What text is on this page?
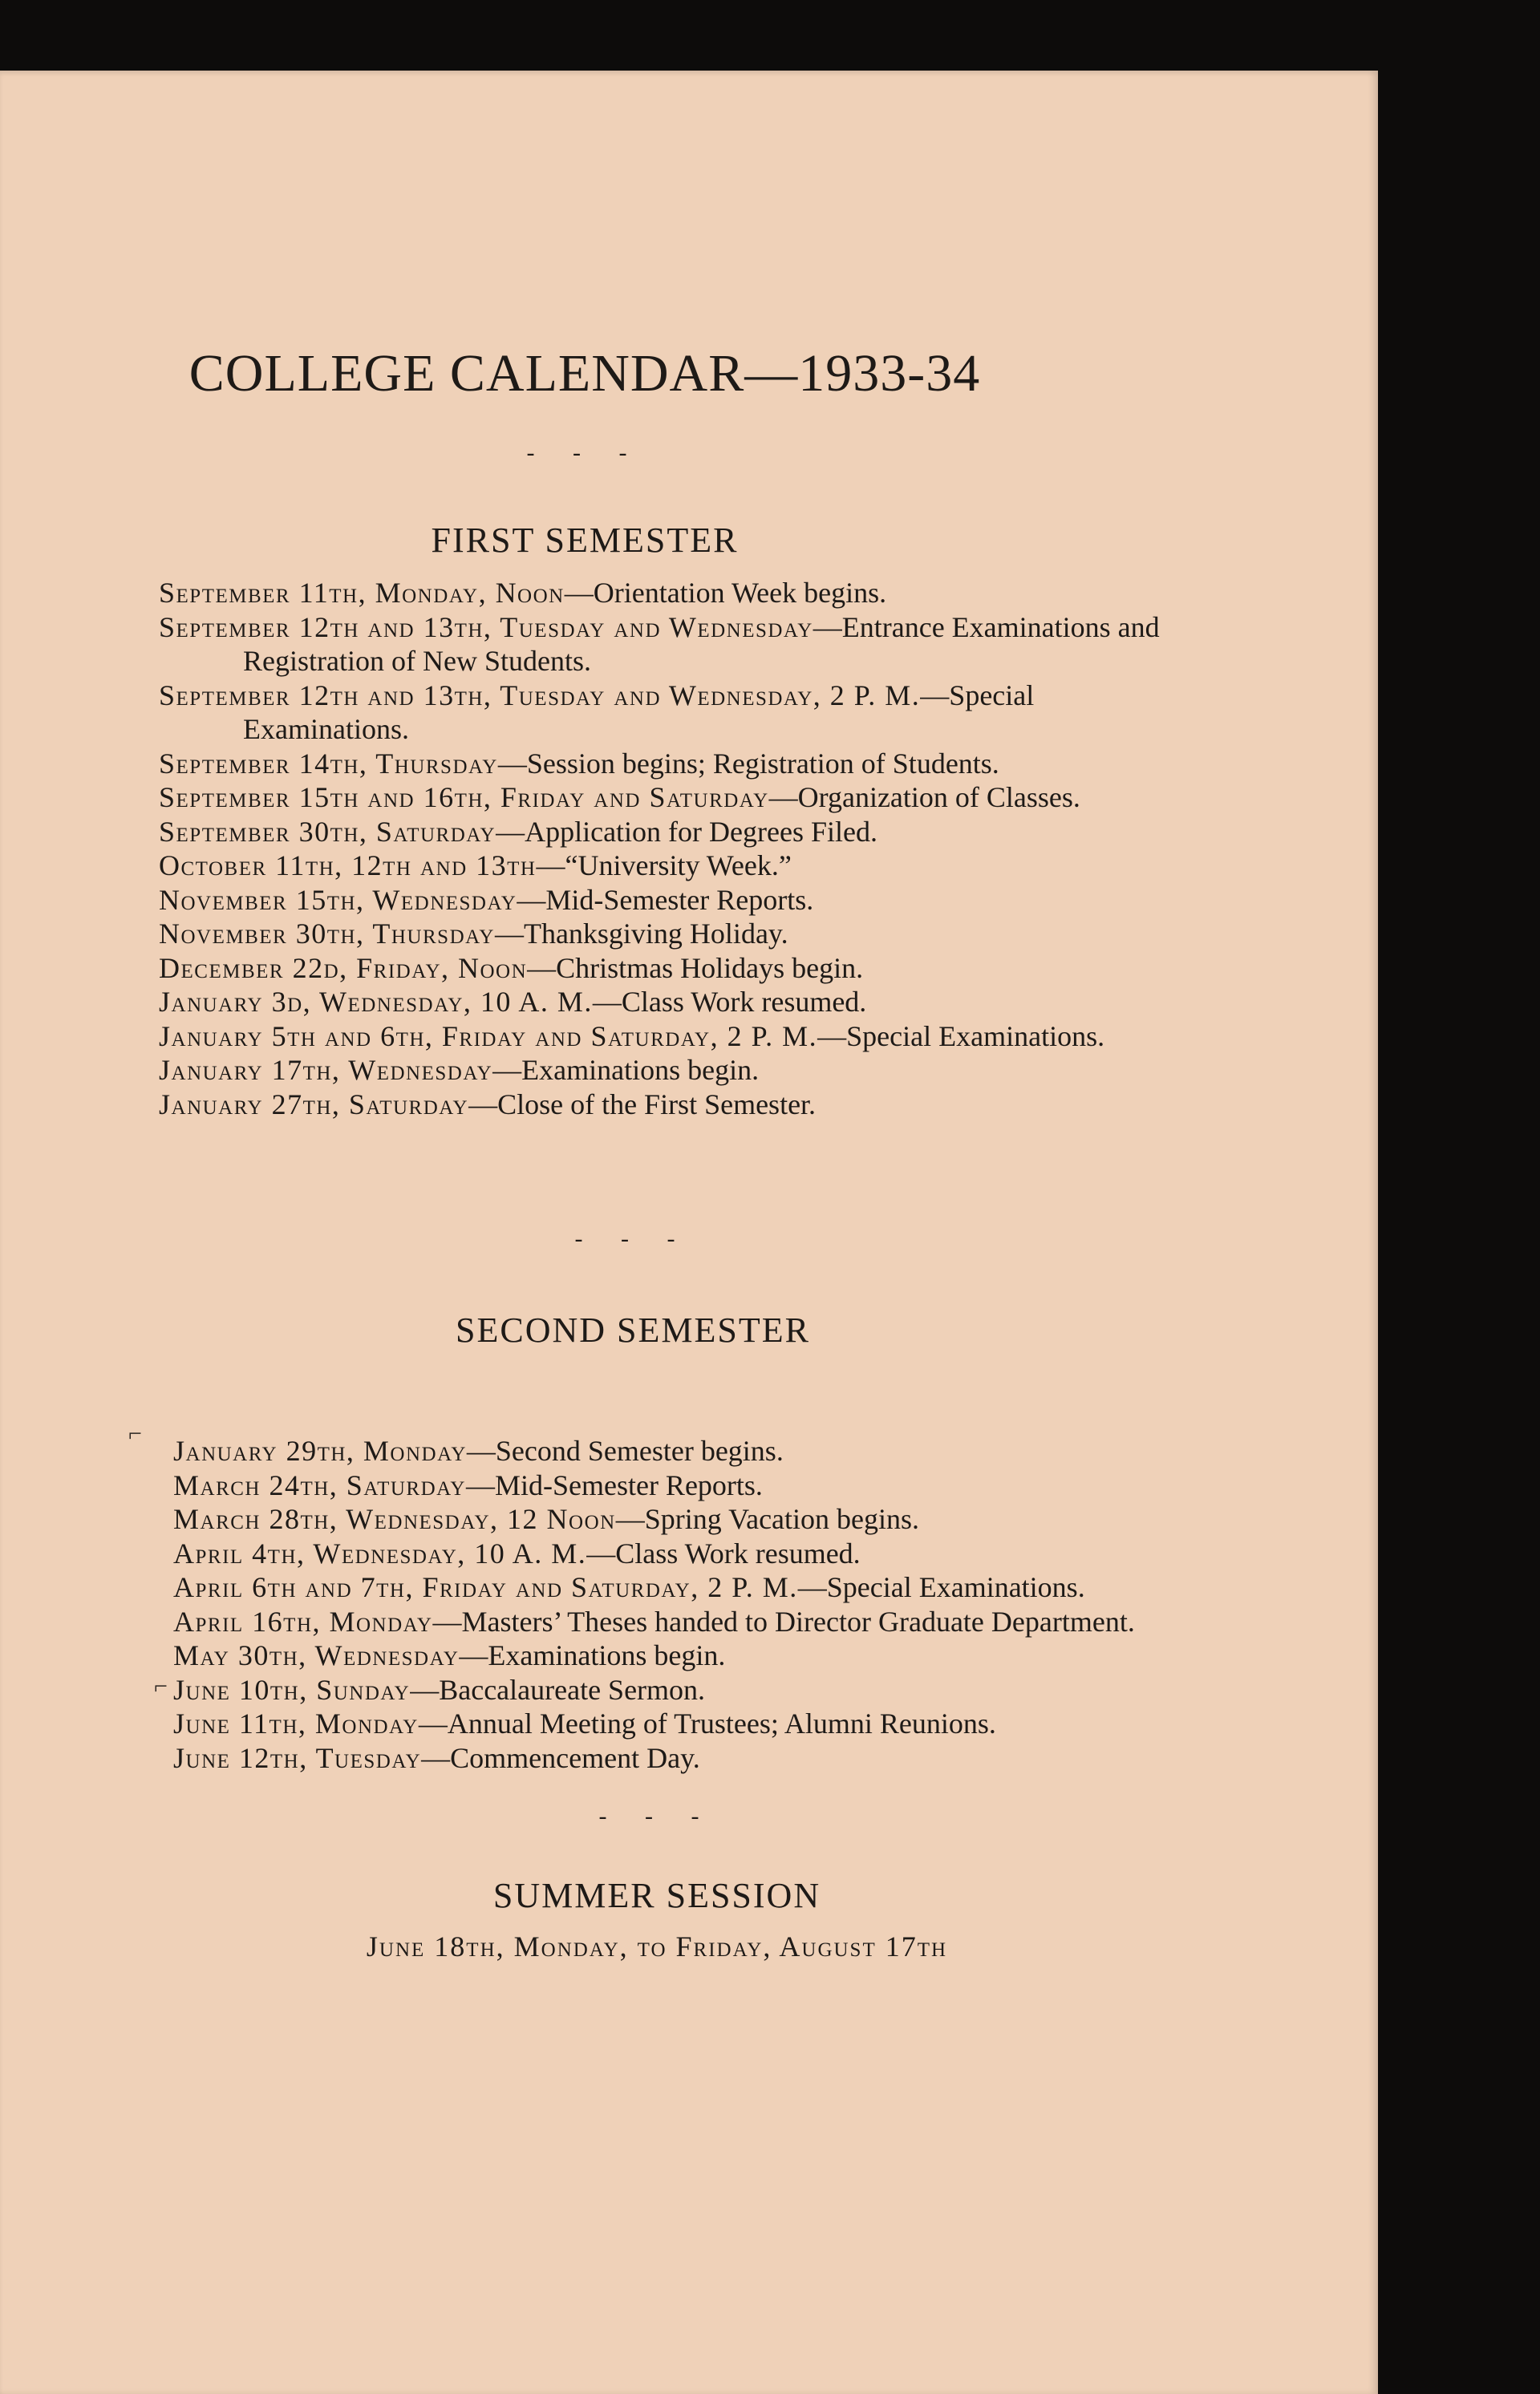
COLLEGE CALENDAR—1933-34
‐ ‐ ‐
FIRST SEMESTER

September 11th, Monday, Noon—Orientation Week begins.

September 12th and 13th, Tuesday and Wednesday—Entrance Examinations and Registration of New Students.

September 12th and 13th, Tuesday and Wednesday, 2 P. M.—Special Examinations.

September 14th, Thursday—Session begins; Registration of Students.

September 15th and 16th, Friday and Saturday—Organization of Classes.

September 30th, Saturday—Application for Degrees Filed.

October 11th, 12th and 13th—“University Week.”

November 15th, Wednesday—Mid-Semester Reports.

November 30th, Thursday—Thanksgiving Holiday.

December 22d, Friday, Noon—Christmas Holidays begin.

January 3d, Wednesday, 10 A. M.—Class Work resumed.

January 5th and 6th, Friday and Saturday, 2 P. M.—Special Examinations.

January 17th, Wednesday—Examinations begin.

January 27th, Saturday—Close of the First Semester.

‐ ‐ ‐
SECOND SEMESTER
⌐
⌐

January 29th, Monday—Second Semester begins.

March 24th, Saturday—Mid-Semester Reports.

March 28th, Wednesday, 12 Noon—Spring Vacation begins.

April 4th, Wednesday, 10 A. M.—Class Work resumed.

April 6th and 7th, Friday and Saturday, 2 P. M.—Special Examinations.

April 16th, Monday—Masters’ Theses handed to Director Graduate Department.

May 30th, Wednesday—Examinations begin.

June 10th, Sunday—Baccalaureate Sermon.

June 11th, Monday—Annual Meeting of Trustees; Alumni Reunions.

June 12th, Tuesday—Commencement Day.

‐ ‐ ‐
SUMMER SESSION
June 18th, Monday, to Friday, August 17th
